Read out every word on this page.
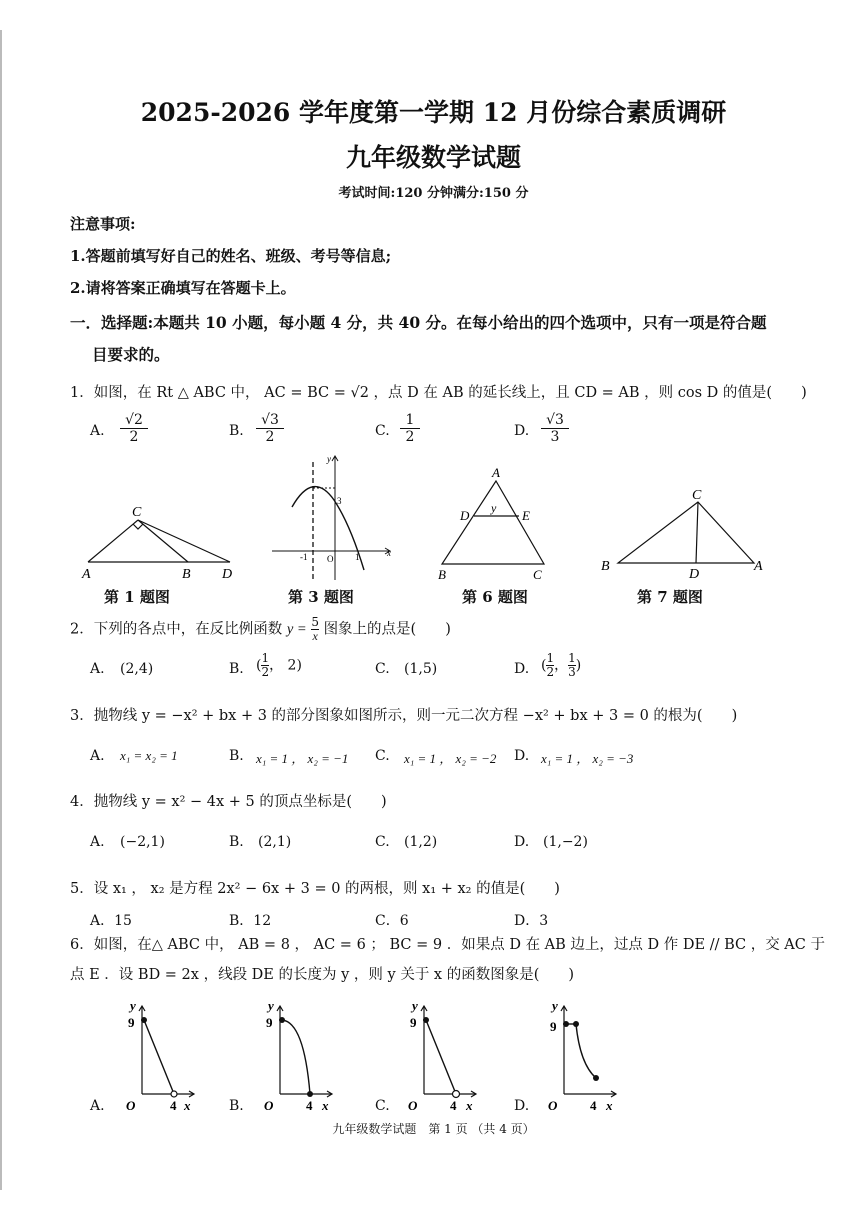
2025-2026 学年度第一学期 12 月份综合素质调研
九年级数学试题
考试时间:120 分钟满分:150 分
注意事项:
1.答题前填写好自己的姓名、班级、考号等信息;
2.请将答案正确填写在答题卡上。
一．选择题:本题共 10 小题，每小题 4 分，共 40 分。在每小给出的四个选项中，只有一项是符合题
目要求的。
1．如图，在 Rt △ ABC 中， AC = BC = √2 ，点 D 在 AB 的延长线上，且 CD = AB ，则 cos D 的值是(　　)
A.
√2
2	B.
√3
2	C.
1
2	D.
√3
3
C
A	B D
y
x
3
-1 O 1
A
D	E
y
B	C
C
B
D
A
第 1 题图	第 3 题图	第 6 题图	第 7 题图
2．下列的各点中，在反比例函数 $y = \frac{5}{x}$ 图象上的点是(　　)
A. (2,4)	B. ( $\frac{1}{2}$ ， 2)	C. (1,5)	D. ( $\frac{1}{2}$ ， $\frac{1}{3}$ )
3．抛物线 y = −x² + bx + 3 的部分图象如图所示，则一元二次方程 −x² + bx + 3 = 0 的根为(　　)
A. x₁ = x₂ = 1	B. x₁ = 1 ， x₂ = −1 C. x₁ = 1 ， x₂ = −2 D. x₁ = 1 ， x₂ = −3
4．抛物线 y = x² − 4x + 5 的顶点坐标是(　　)
A. (−2,1)	B. (2,1)	C. (1,2)	D. (1,−2)
5．设 x₁ ， x₂ 是方程 2x² − 6x + 3 = 0 的两根，则 x₁ + x₂ 的值是(　　)
A．15	B．12	C．6	D．3
6．如图，在△ ABC 中， AB = 8 ， AC = 6 ； BC = 9 ．如果点 D 在 AB 边上，过点 D 作 DE // BC ，交 AC 于
点 E ．设 BD = 2x ，线段 DE 的长度为 y ，则 y 关于 x 的函数图象是(　　)
A.
y
9
O	4 x	B.
y
9
O	4 x	C.
y
9
O	4 x	D.
y
9
O	4 x
九年级数学试题　第 1 页 （共 4 页）
